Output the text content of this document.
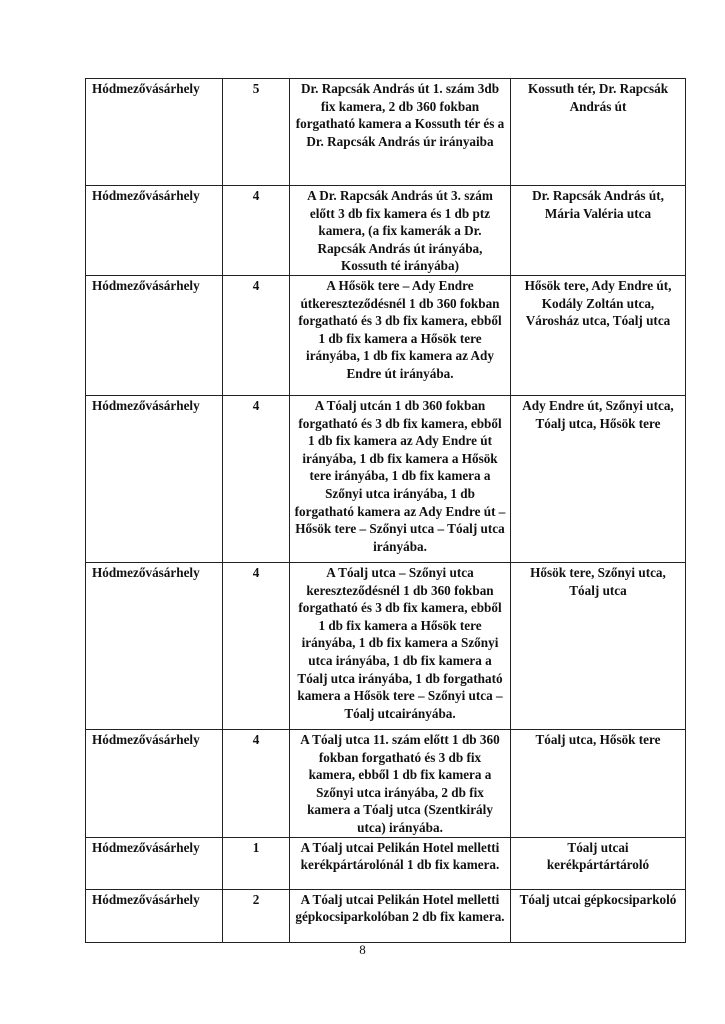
Hódmezővásárhely	5	Dr. Rapcsák András út 1. szám 3db fix kamera, 2 db 360 fokban forgatható kamera a Kossuth tér és a Dr. Rapcsák András úr irányaiba	Kossuth tér, Dr. Rapcsák András út
Hódmezővásárhely	4	A Dr. Rapcsák András út 3. szám előtt 3 db fix kamera és 1 db ptz kamera, (a fix kamerák a Dr. Rapcsák András út irányába, Kossuth té irányába)	Dr. Rapcsák András út, Mária Valéria utca
Hódmezővásárhely	4	A Hősök tere – Ady Endre útkereszteződésnél 1 db 360 fokban forgatható és 3 db fix kamera, ebből 1 db fix kamera a Hősök tere irányába, 1 db fix kamera az Ady Endre út irányába.	Hősök tere, Ady Endre út, Kodály Zoltán utca, Városház utca, Tóalj utca
Hódmezővásárhely	4	A Tóalj utcán 1 db 360 fokban forgatható és 3 db fix kamera, ebből 1 db fix kamera az Ady Endre út irányába, 1 db fix kamera a Hősök tere irányába, 1 db fix kamera a Szőnyi utca irányába, 1 db forgatható kamera az Ady Endre út – Hősök tere – Szőnyi utca – Tóalj utca irányába.	Ady Endre út, Szőnyi utca, Tóalj utca, Hősök tere
Hódmezővásárhely	4	A Tóalj utca – Szőnyi utca kereszteződésnél 1 db 360 fokban forgatható és 3 db fix kamera, ebből 1 db fix kamera a Hősök tere irányába, 1 db fix kamera a Szőnyi utca irányába, 1 db fix kamera a Tóalj utca irányába, 1 db forgatható kamera a Hősök tere – Szőnyi utca – Tóalj utcairányába.	Hősök tere, Szőnyi utca, Tóalj utca
Hódmezővásárhely	4	A Tóalj utca 11. szám előtt 1 db 360 fokban forgatható és 3 db fix kamera, ebből 1 db fix kamera a Szőnyi utca irányába, 2 db fix kamera a Tóalj utca (Szentkirály utca) irányába.	Tóalj utca, Hősök tere
Hódmezővásárhely	1	A Tóalj utcai Pelikán Hotel melletti kerékpártárolónál 1 db fix kamera.	Tóalj utcai kerékpártártároló
Hódmezővásárhely	2	A Tóalj utcai Pelikán Hotel melletti gépkocsiparkolóban 2 db fix kamera.	Tóalj utcai gépkocsiparkoló
8
